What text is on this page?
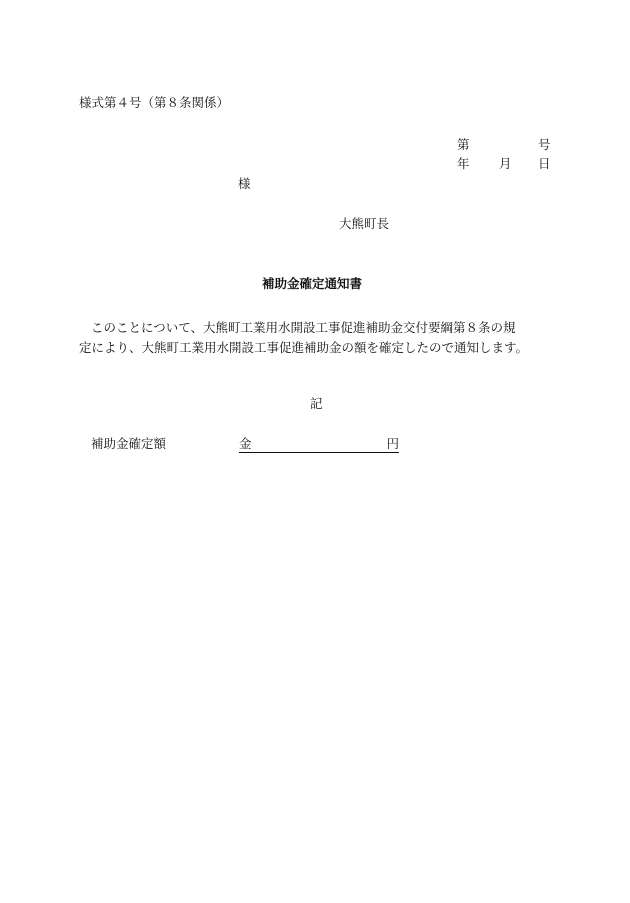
様式第４号（第８条関係）
第	号
年 月 日
様
大熊町長
補助金確定通知書
このことについて、大熊町工業用水開設工事促進補助金交付要綱第８条の規
定により、大熊町工業用水開設工事促進補助金の額を確定したので通知します。
記
補助金確定額	金	円
